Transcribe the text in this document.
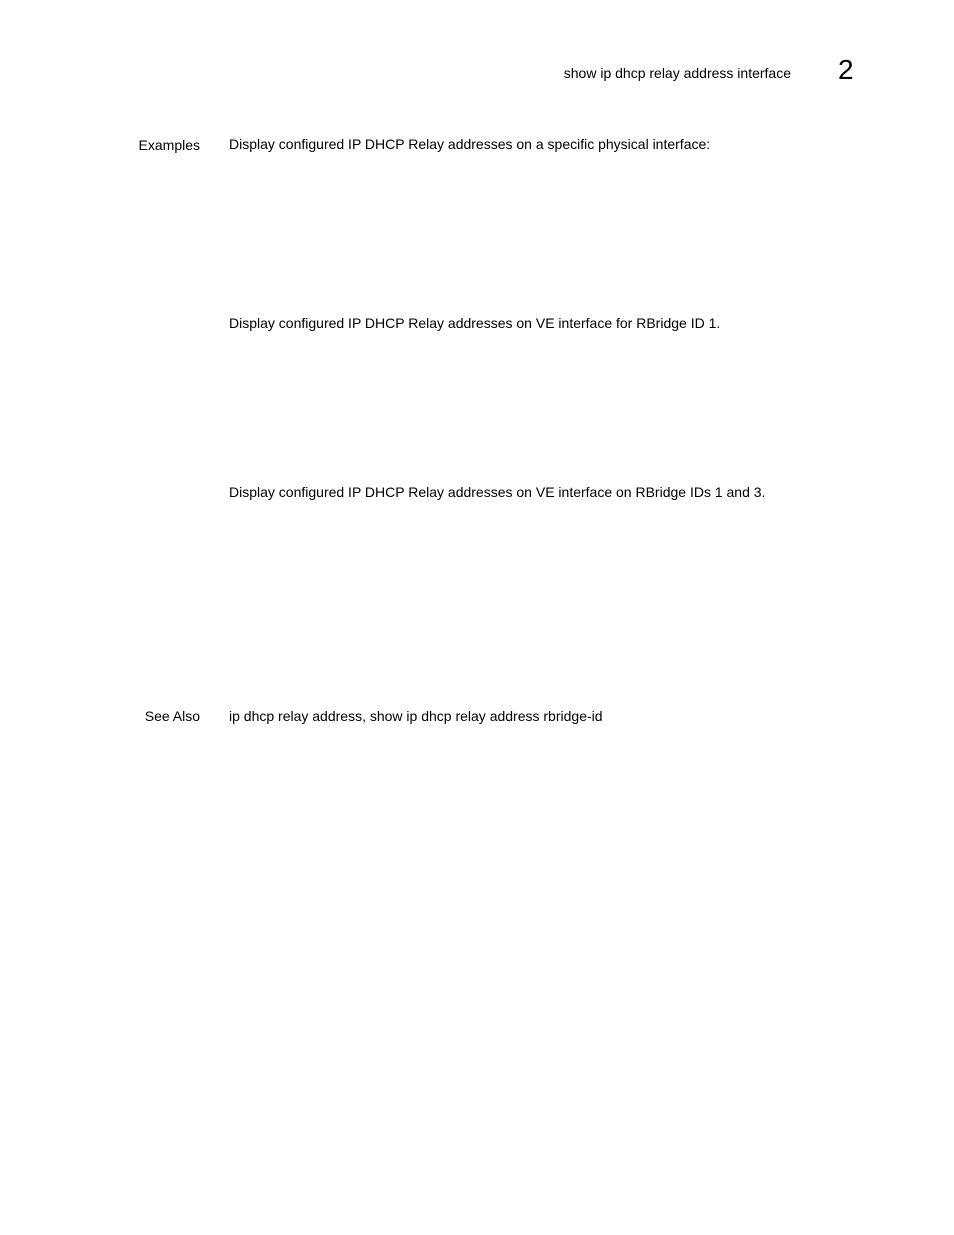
show ip dhcp relay address interface 2
Examples Display configured IP DHCP Relay addresses on a specific physical interface:
Display configured IP DHCP Relay addresses on VE interface for RBridge ID 1.
Display configured IP DHCP Relay addresses on VE interface on RBridge IDs 1 and 3.
See Also ip dhcp relay address, show ip dhcp relay address rbridge-id
